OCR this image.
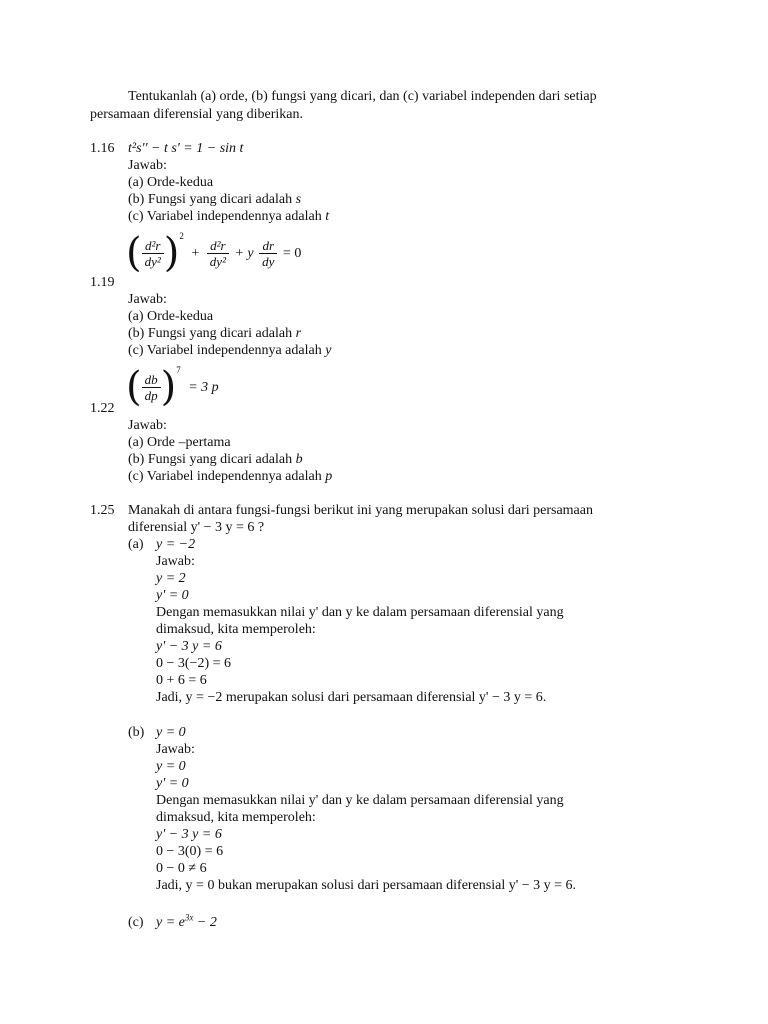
Tentukanlah (a) orde, (b) fungsi yang dicari, dan (c) variabel independen dari setiap
persamaan diferensial yang diberikan.
1.16 t²s'' − t s' = 1 − sin t
Jawab:
(a) Orde-kedua
(b) Fungsi yang dicari adalah s
(c) Variabel independennya adalah t
( $\frac{\text{d²r}}{\text{dy²}} )^2 + \frac{\text{d²r}}{\text{dy²}} + y \frac{dr}{dy} = 0$
1.19
Jawab:
(a) Orde-kedua
(b) Fungsi yang dicari adalah r
(c) Variabel independennya adalah y
( $\frac{db}{dp} )^7 = 3$ p
1.22
Jawab:
(a) Orde –pertama
(b) Fungsi yang dicari adalah b
(c) Variabel independennya adalah p
1.25 Manakah di antara fungsi-fungsi berikut ini yang merupakan solusi dari persamaan
diferensial y' − 3 y = 6 ?
(a) y = −2
Jawab:
y = 2
y' = 0
Dengan memasukkan nilai y' dan y ke dalam persamaan diferensial yang
dimaksud, kita memperoleh:
y' − 3 y = 6
0 − 3(−2) = 6
0 + 6 = 6
Jadi, y = −2 merupakan solusi dari persamaan diferensial y' − 3 y = 6.
(b) y = 0
Jawab:
y = 0
y' = 0
Dengan memasukkan nilai y' dan y ke dalam persamaan diferensial yang
dimaksud, kita memperoleh:
y' − 3 y = 6
0 − 3(0) = 6
0 − 0 ≠ 6
Jadi, y = 0 bukan merupakan solusi dari persamaan diferensial y' − 3 y = 6.
(c) $y = e^{3x} - 2$
